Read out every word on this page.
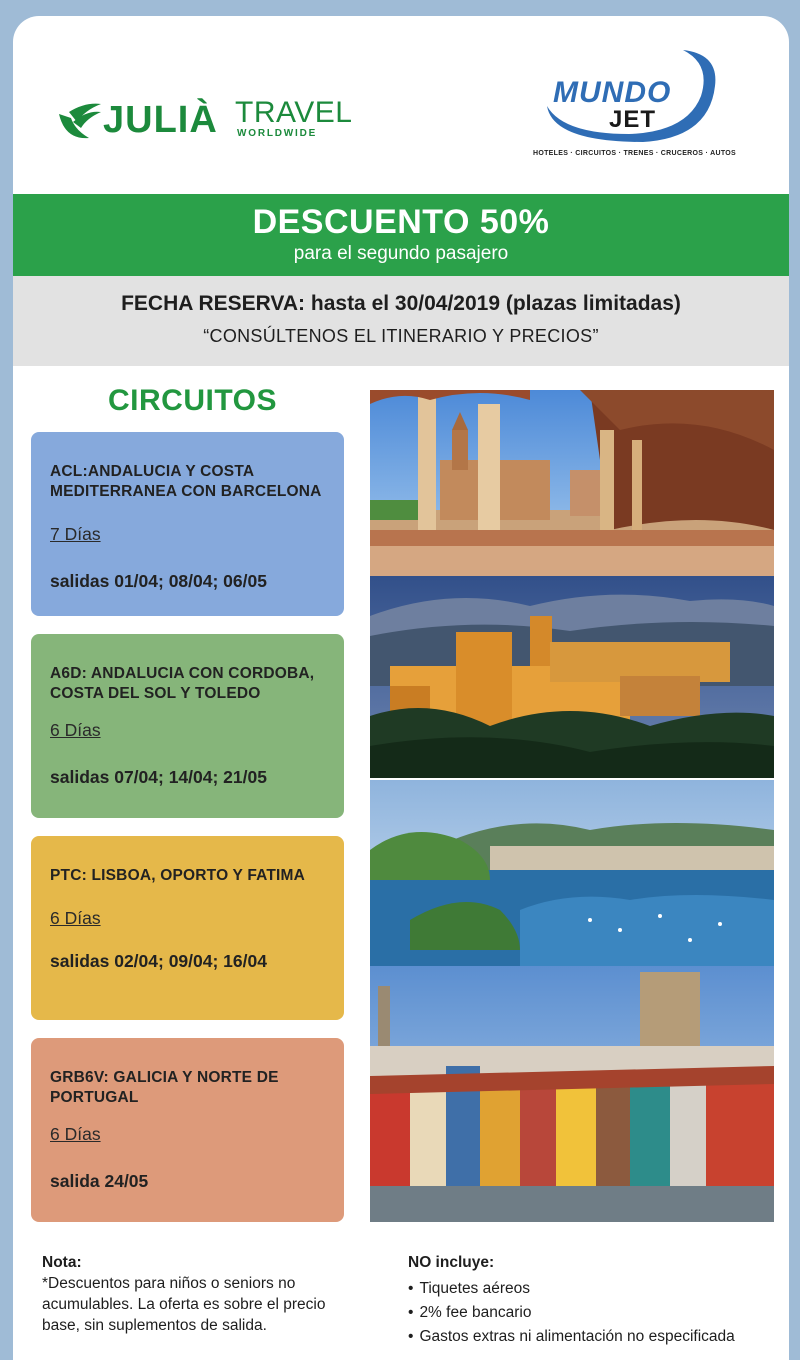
JULIÀ TRAVEL
WORLDWIDE
MUNDO
JET
HOTELES · CIRCUITOS · TRENES · CRUCEROS · AUTOS
DESCUENTO 50%
para el segundo pasajero
FECHA RESERVA: hasta el 30/04/2019 (plazas limitadas)
“CONSÚLTENOS EL ITINERARIO Y PRECIOS”
CIRCUITOS
ACL:ANDALUCIA Y COSTA MEDITERRANEA CON BARCELONA
7 Días
salidas 01/04; 08/04; 06/05
A6D: ANDALUCIA CON CORDOBA, COSTA DEL SOL Y TOLEDO
6 Días
salidas 07/04; 14/04; 21/05
PTC: LISBOA, OPORTO Y FATIMA
6 Días
salidas 02/04; 09/04; 16/04
GRB6V: GALICIA Y NORTE DE PORTUGAL
6 Días
salida 24/05
Nota:
*Descuentos para niños o seniors no acumulables. La oferta es sobre el precio base, sin suplementos de salida.
NO incluye:
• Tiquetes aéreos
• 2% fee bancario
• Gastos extras ni alimentación no especificada
